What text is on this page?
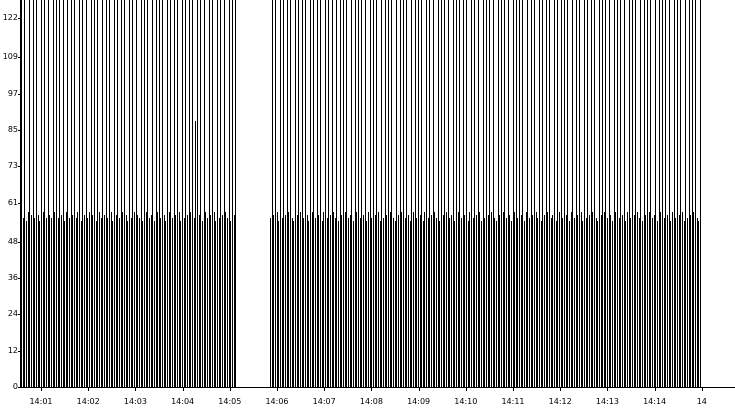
0
12
24
36
48
61
73
85
97
109
122
14:01	14:02	14:03	14:04	14:05	14:06	14:07	14:08	14:09	14:10	14:11	14:12	14:13	14:14	14
